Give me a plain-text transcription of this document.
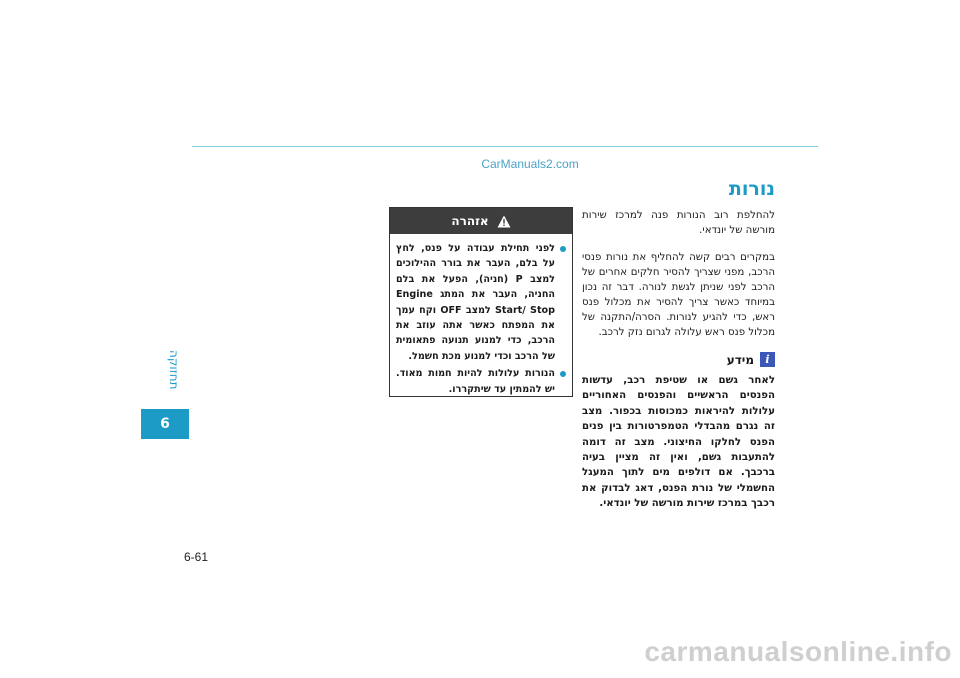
CarManuals2.com
תחזוקה
6
נורות

להחלפת רוב הנורות פנה למרכז שירות מורשה של יונדאי.

במקרים רבים קשה להחליף את נורות פנסי הרכב, מפני שצריך להסיר חלקים אחרים של הרכב לפני שניתן לגשת לנורה. דבר זה נכון במיוחד כאשר צריך להסיר את מכלול פנס ראש, כדי להגיע לנורות. הסרה/התקנה של מכלול פנס ראש עלולה לגרום נזק לרכב.

i
מידע

לאחר גשם או שטיפת רכב, עדשות הפנסים הראשיים והפנסים האחוריים עלולות להיראות כמכוסות בכפור. מצב זה נגרם מהבדלי הטמפרטורות בין פנים הפנס לחלקו החיצוני. מצב זה דומה להתעבות גשם, ואין זה מציין בעיה ברכבך. אם דולפים מים לתוך המעגל החשמלי של נורת הפנס, דאג לבדוק את רכבך במרכז שירות מורשה של יונדאי.

אזהרה
לפני תחילת עבודה על פנס, לחץ על בלם, העבר את בורר ההילוכים למצב P (חניה), הפעל את בלם החניה, העבר את המתג Engine Start/ Stop למצב OFF וקח עמך את המפתח כאשר אתה עוזב את הרכב, כדי למנוע תנועה פתאומית של הרכב וכדי למנוע מכת חשמל.
הנורות עלולות להיות חמות מאוד. יש להמתין עד שיתקררו.
6-61
carmanualsonline.info
